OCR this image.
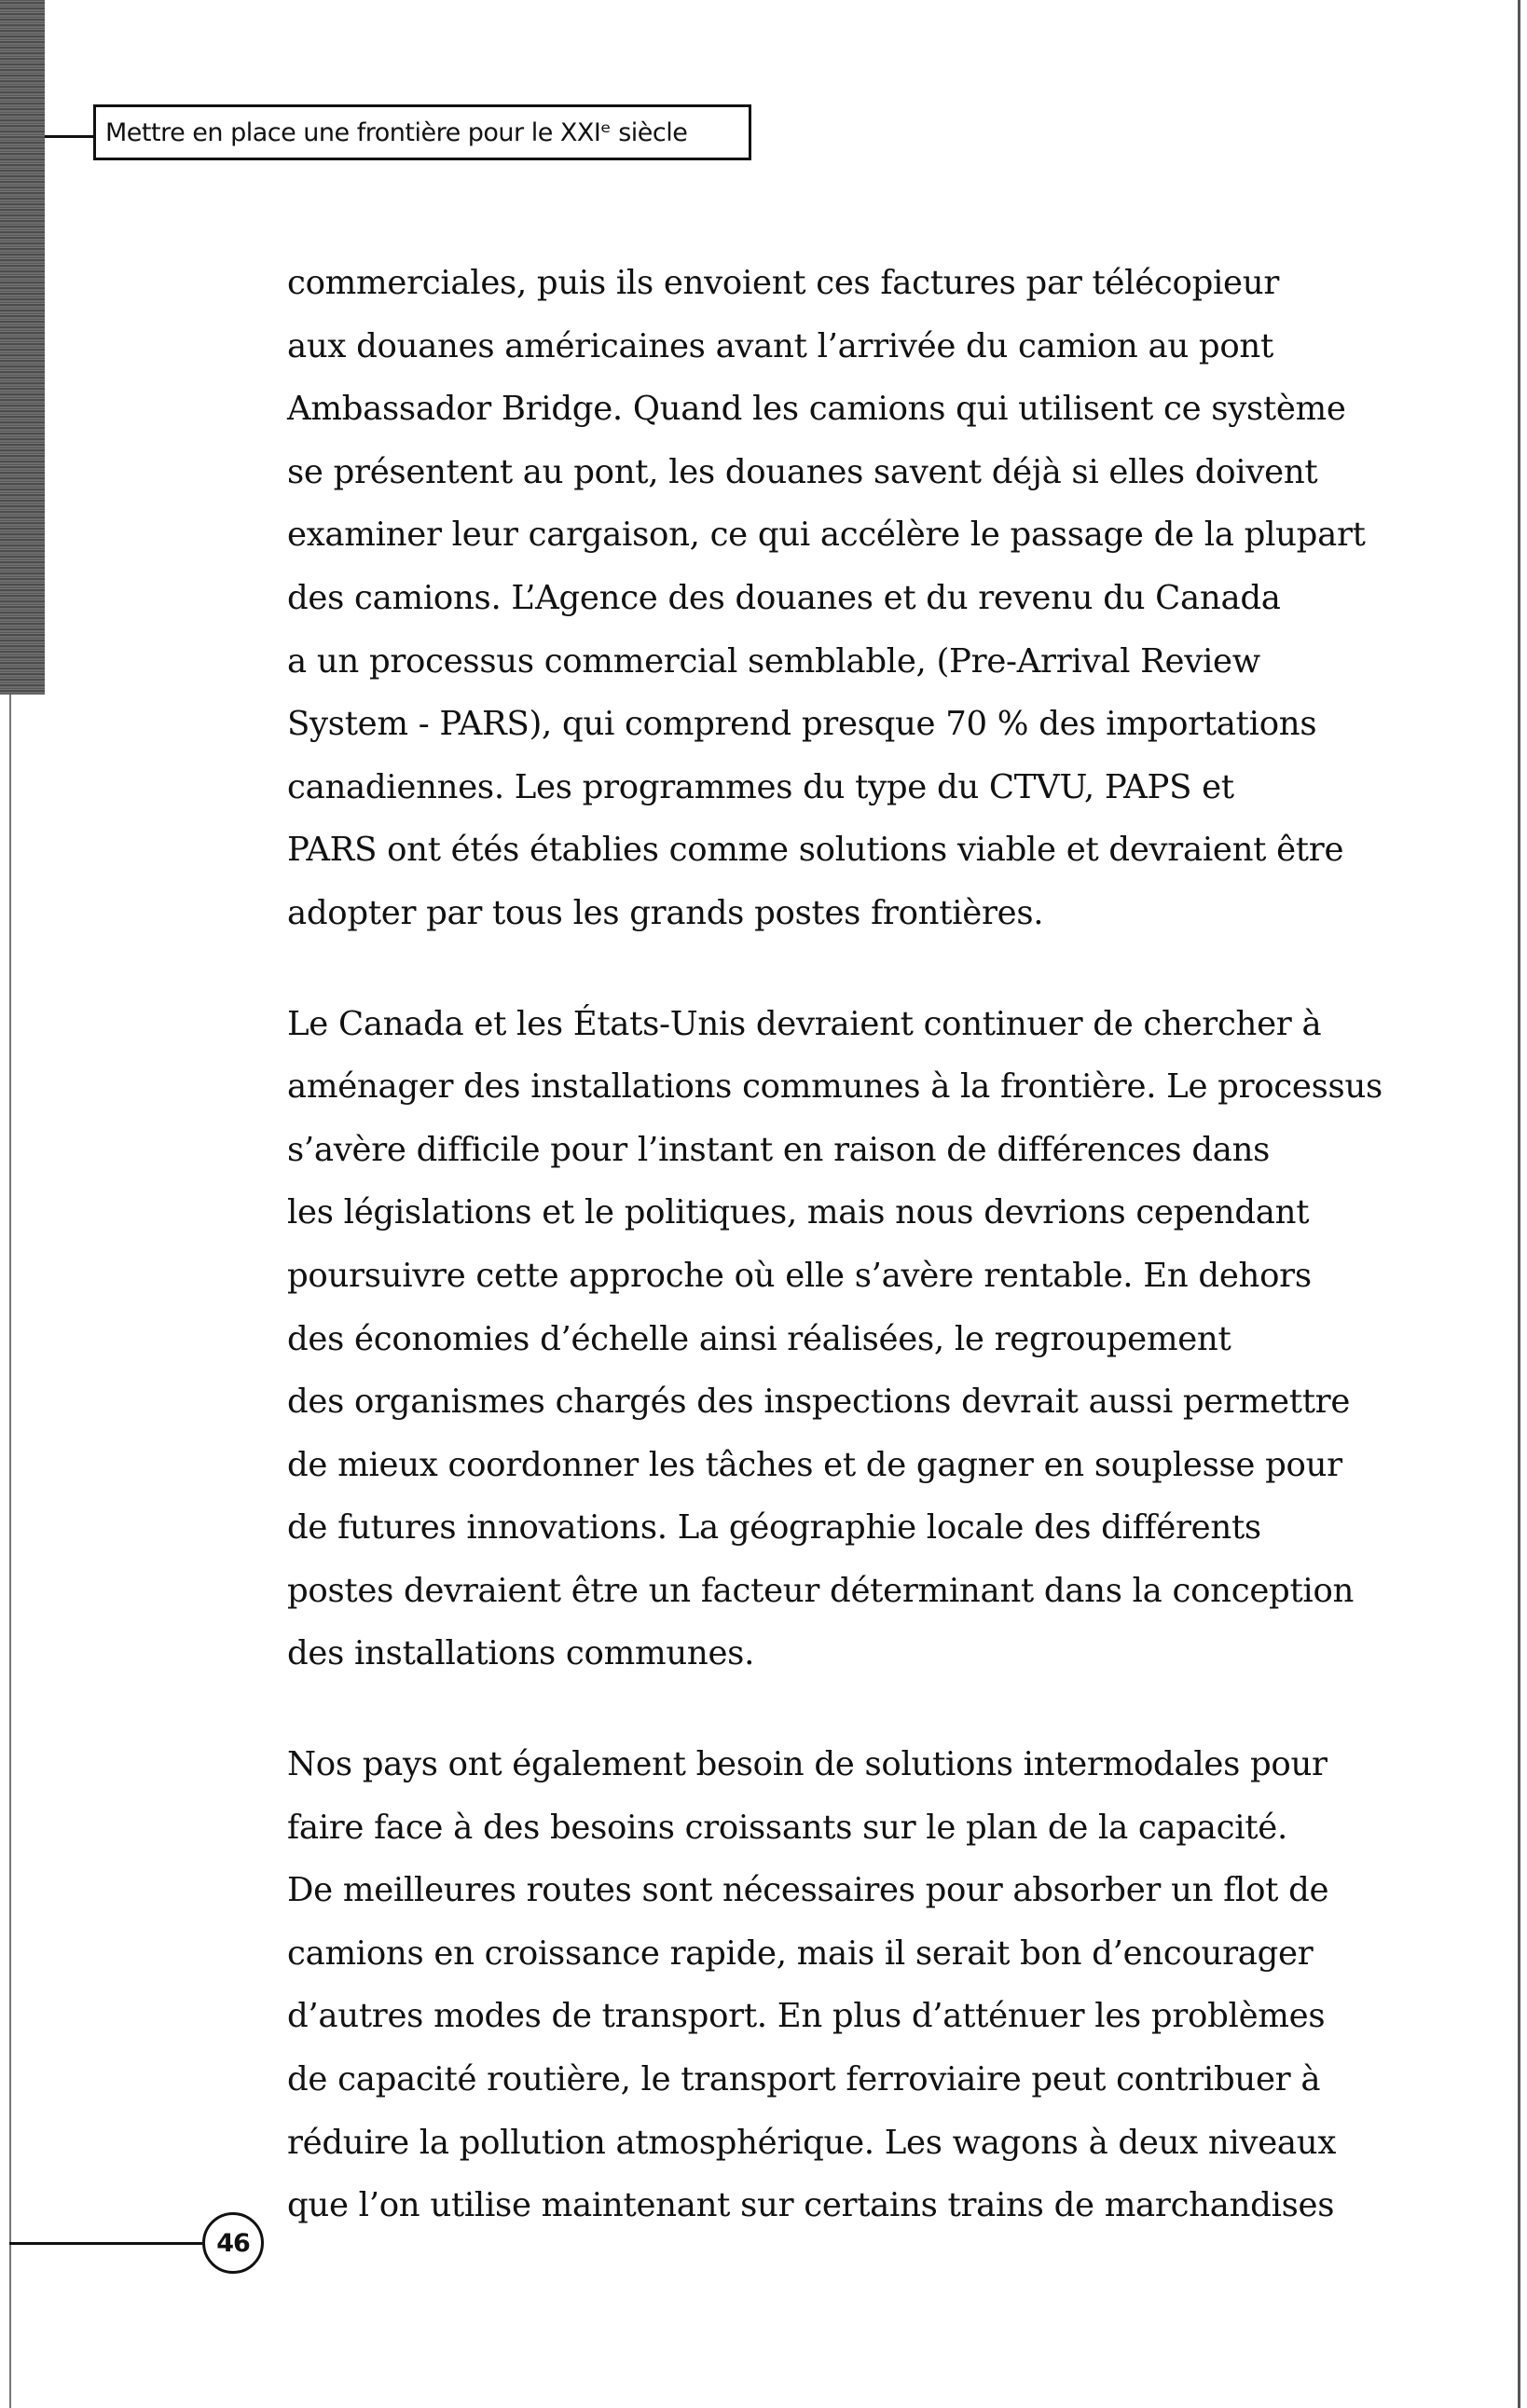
Mettre en place une frontière pour le XXIᵉ siècle
commerciales, puis ils envoient ces factures par télécopieur
aux douanes américaines avant l’arrivée du camion au pont
Ambassador Bridge. Quand les camions qui utilisent ce système
se présentent au pont, les douanes savent déjà si elles doivent
examiner leur cargaison, ce qui accélère le passage de la plupart
des camions. L’Agence des douanes et du revenu du Canada
a un processus commercial semblable, (Pre-Arrival Review
System - PARS), qui comprend presque 70 % des importations
canadiennes. Les programmes du type du CTVU, PAPS et
PARS ont étés établies comme solutions viable et devraient être
adopter par tous les grands postes frontières.
Le Canada et les États-Unis devraient continuer de chercher à
aménager des installations communes à la frontière. Le processus
s’avère difficile pour l’instant en raison de différences dans
les législations et le politiques, mais nous devrions cependant
poursuivre cette approche où elle s’avère rentable. En dehors
des économies d’échelle ainsi réalisées, le regroupement
des organismes chargés des inspections devrait aussi permettre
de mieux coordonner les tâches et de gagner en souplesse pour
de futures innovations. La géographie locale des différents
postes devraient être un facteur déterminant dans la conception
des installations communes.
Nos pays ont également besoin de solutions intermodales pour
faire face à des besoins croissants sur le plan de la capacité.
De meilleures routes sont nécessaires pour absorber un flot de
camions en croissance rapide, mais il serait bon d’encourager
d’autres modes de transport. En plus d’atténuer les problèmes
de capacité routière, le transport ferroviaire peut contribuer à
réduire la pollution atmosphérique. Les wagons à deux niveaux
que l’on utilise maintenant sur certains trains de marchandises
46
